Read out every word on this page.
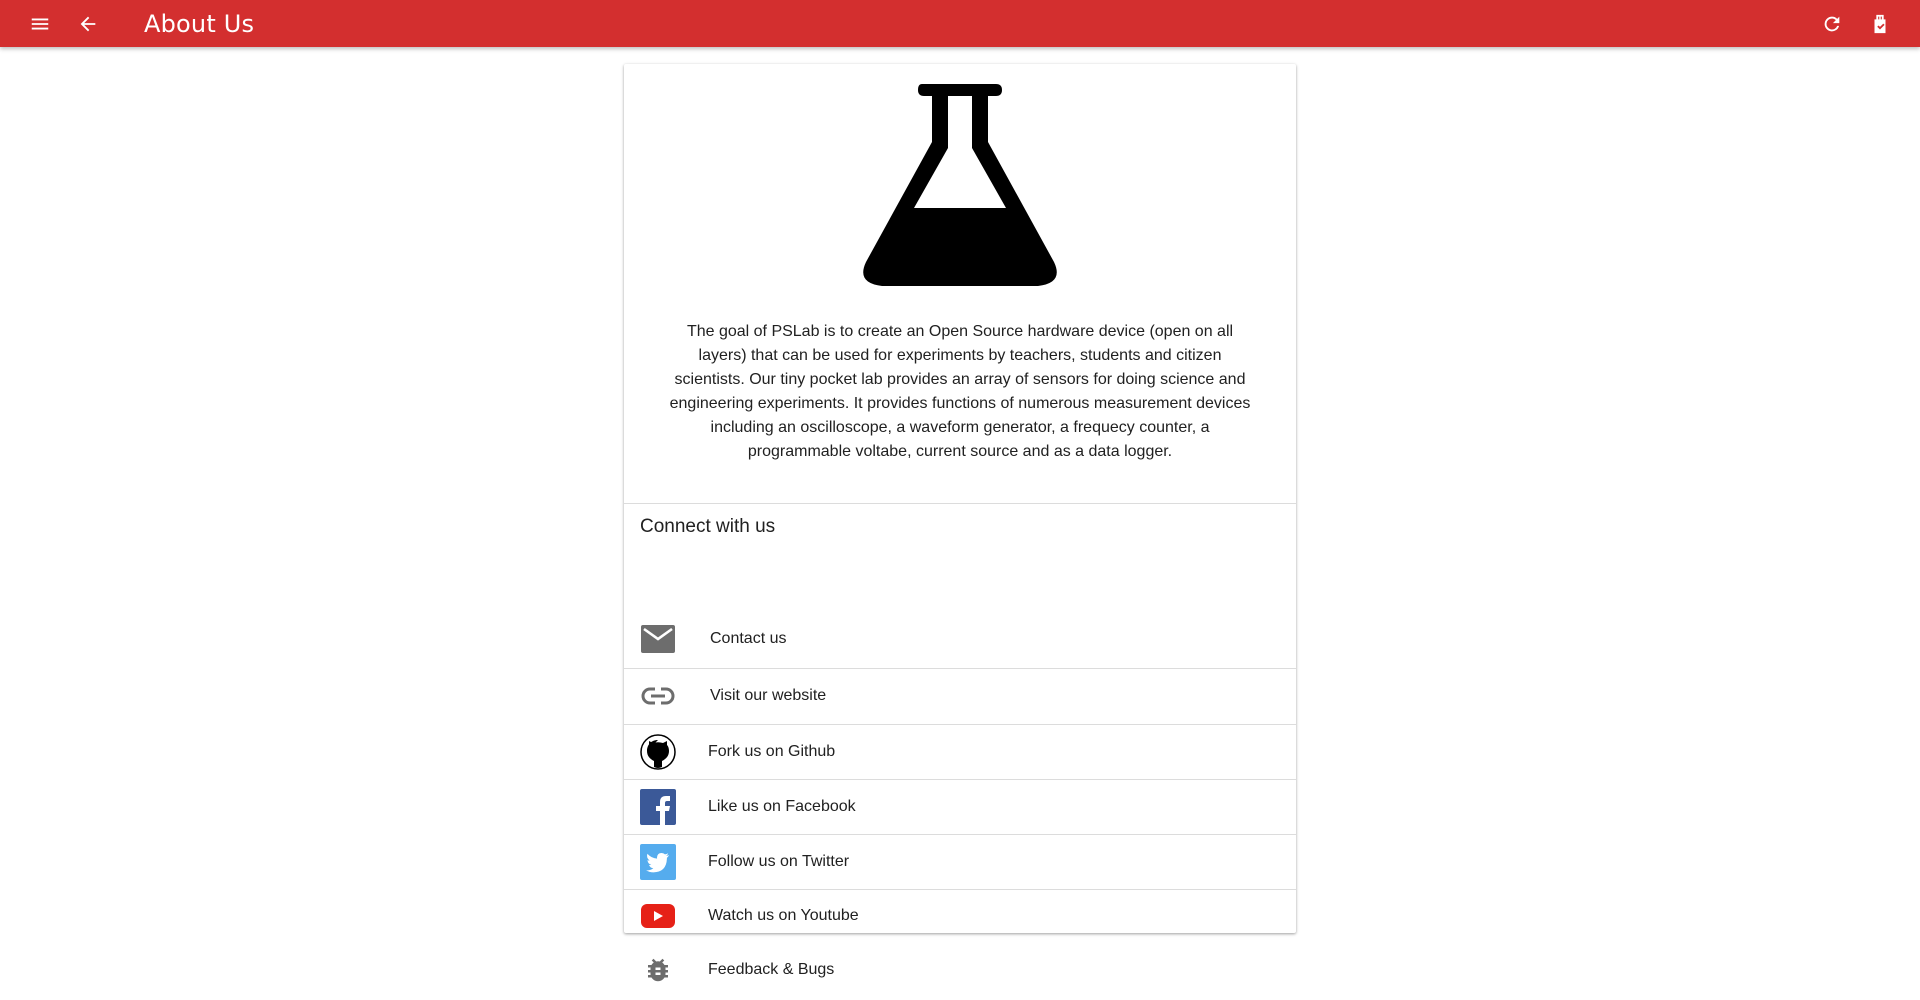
About Us
The goal of PSLab is to create an Open Source hardware device (open on all layers) that can be used for experiments by teachers, students and citizen scientists. Our tiny pocket lab provides an array of sensors for doing science and engineering experiments. It provides functions of numerous measurement devices including an oscilloscope, a waveform generator, a frequecy counter, a programmable voltabe, current source and as a data logger.
Connect with us
Contact us
Visit our website
Fork us on Github
Like us on Facebook
Follow us on Twitter
Watch us on Youtube
Feedback & Bugs
